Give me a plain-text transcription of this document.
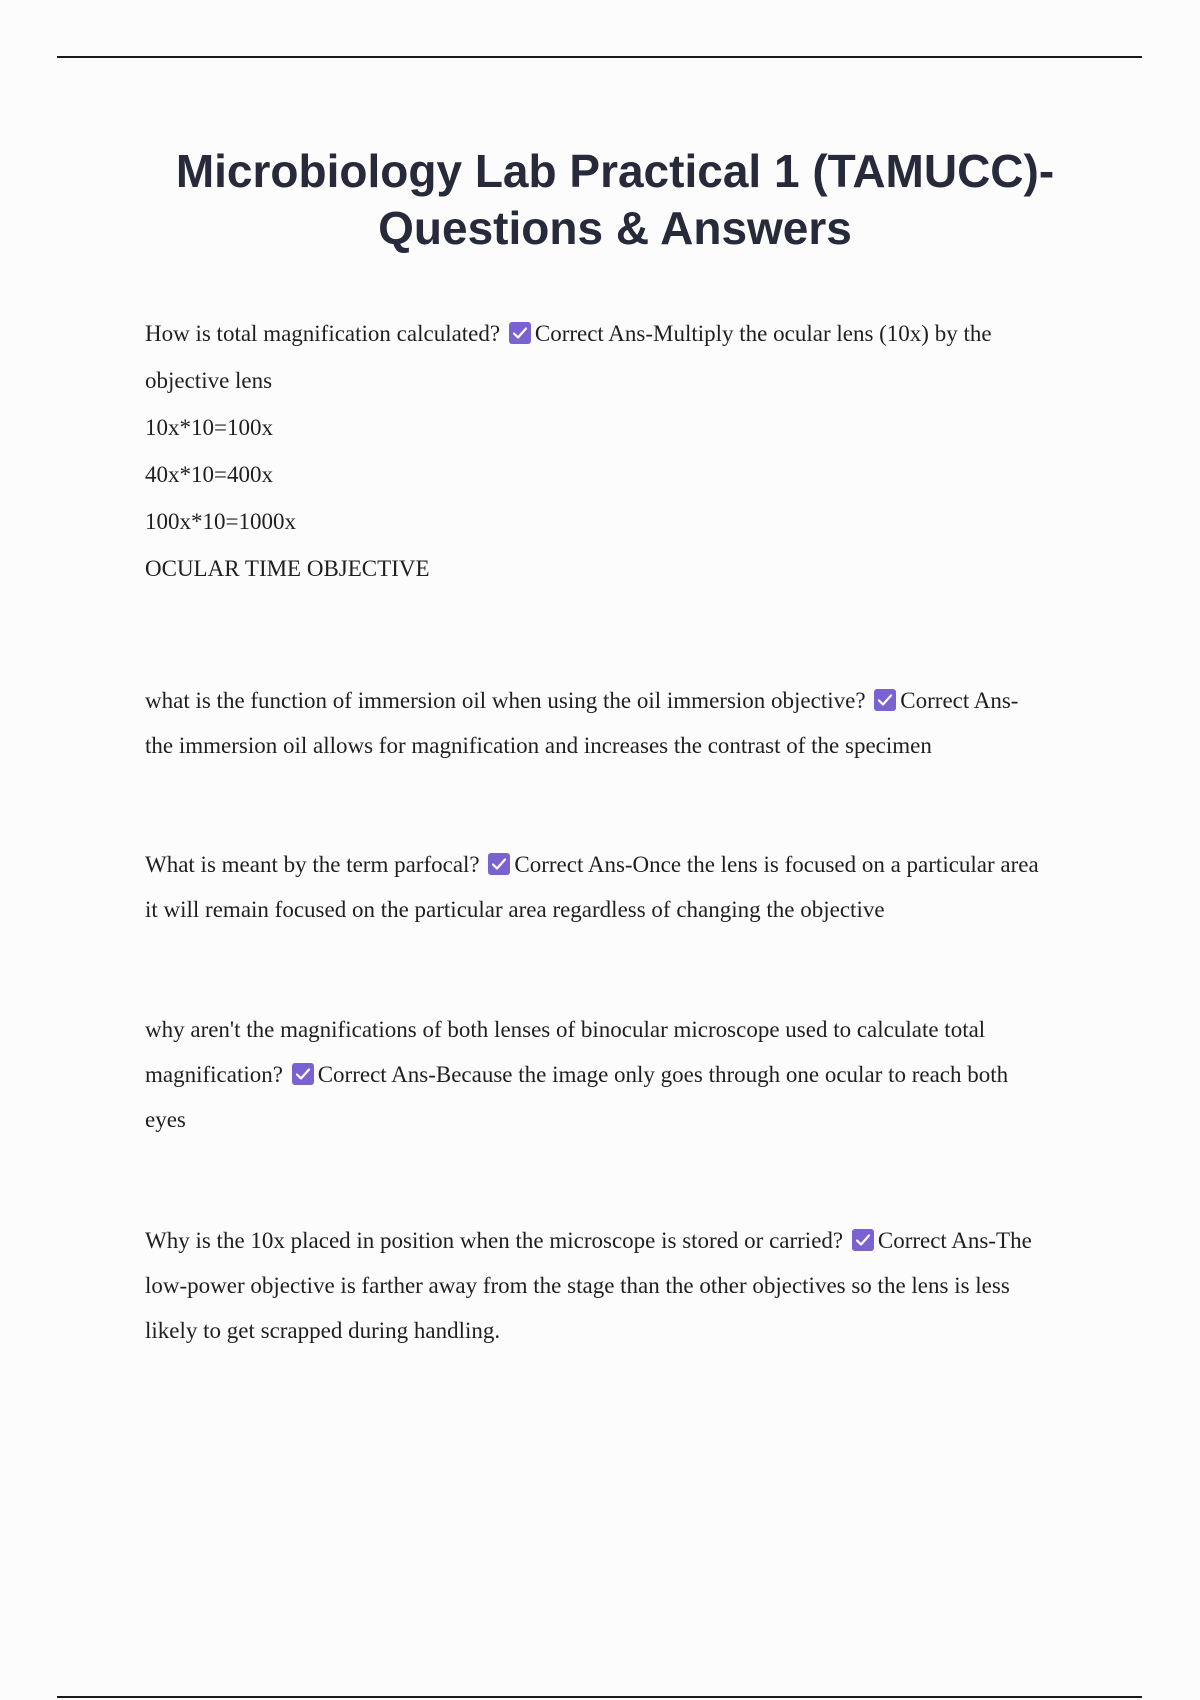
Microbiology Lab Practical 1 (TAMUCC)-
Questions & Answers

How is total magnification calculated? Correct Ans-Multiply the ocular lens (10x) by the

objective lens

10x*10=100x

40x*10=400x

100x*10=1000x

OCULAR TIME OBJECTIVE

what is the function of immersion oil when using the oil immersion objective? Correct Ans-

the immersion oil allows for magnification and increases the contrast of the specimen

What is meant by the term parfocal? Correct Ans-Once the lens is focused on a particular area

it will remain focused on the particular area regardless of changing the objective

why aren't the magnifications of both lenses of binocular microscope used to calculate total

magnification? Correct Ans-Because the image only goes through one ocular to reach both

eyes

Why is the 10x placed in position when the microscope is stored or carried? Correct Ans-The

low-power objective is farther away from the stage than the other objectives so the lens is less

likely to get scrapped during handling.
